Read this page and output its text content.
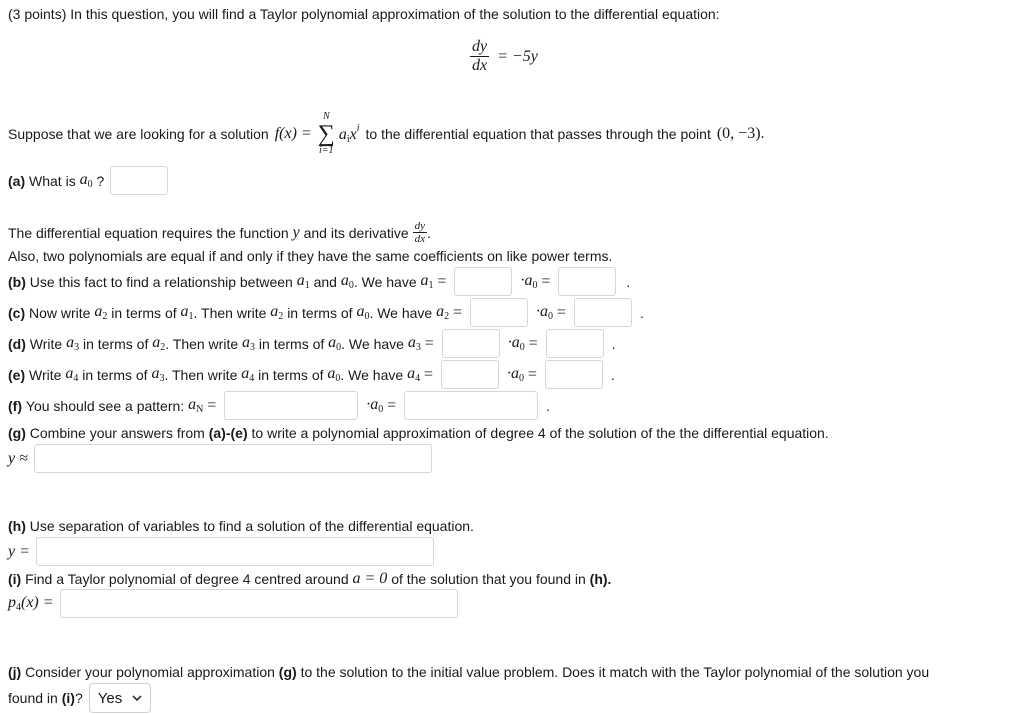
(3 points) In this question, you will find a Taylor polynomial approximation of the solution to the differential equation:
$\frac{dy}{dx} = -5y$
Suppose that we are looking for a solution f(x) =
N
∑
i=1
$a_ix^i$ to the differential equation that passes through the point (0, −3).
(a)
What is
$a_0$
?
The differential equation requires the function
y
and its derivative
$\frac{dy}{dx}$ .
Also, two polynomials are equal if and only if they have the same coefficients on like power terms.
(b)
Use this fact to find a relationship between
$a_1$
and
$a_0$ . We have
$a_1$
=	$\cdot a_0$
=	.
(c)
Now write
$a_2$
in terms of
$a_1$ . Then write
$a_2$
in terms of
$a_0$ . We have
$a_2$
=	$\cdot a_0$
=	.
(d)
Write
$a_3$
in terms of
$a_2$ . Then write
$a_3$
in terms of
$a_0$ . We have
$a_3$
=	$\cdot a_0$
=	.
(e)
Write
$a_4$
in terms of
$a_3$ . Then write
$a_4$
in terms of
$a_0$ . We have
$a_4$
=	$\cdot a_0$
=	.
(f)
You should see a pattern:
$a_N$
=	$\cdot a_0$
=	.
(g)
Combine your answers from
(a)-(e)
to write a polynomial approximation of degree 4 of the solution of the the differential equation.
y ≈
(h)
Use separation of variables to find a solution of the differential equation.
y =
(i)
Find a Taylor polynomial of degree 4 centred around
a = 0
of the solution that you found in
(h).
$p_4(x)$ =
(j)
Consider your polynomial approximation
(g)
to the solution to the initial value problem. Does it match with the Taylor polynomial of the solution you
found in
(i) ? Yes
